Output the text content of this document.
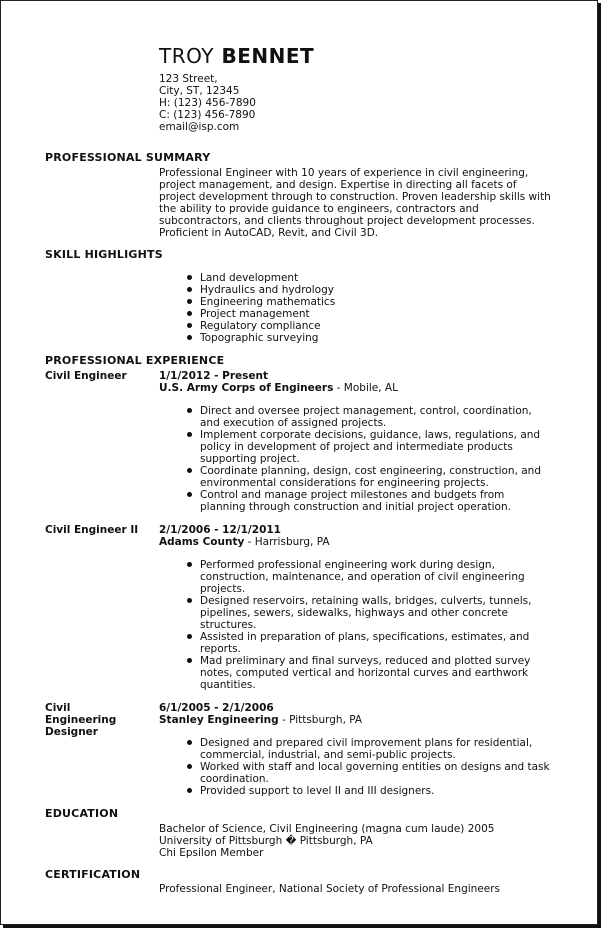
TROY BENNET
123 Street,
City, ST, 12345
H: (123) 456-7890
C: (123) 456-7890
email@isp.com
PROFESSIONAL SUMMARY
Professional Engineer with 10 years of experience in civil engineering,
project management, and design. Expertise in directing all facets of
project development through to construction. Proven leadership skills with
the ability to provide guidance to engineers, contractors and
subcontractors, and clients throughout project development processes.
Proficient in AutoCAD, Revit, and Civil 3D.
SKILL HIGHLIGHTS
Land development
Hydraulics and hydrology
Engineering mathematics
Project management
Regulatory compliance
Topographic surveying
PROFESSIONAL EXPERIENCE
Civil Engineer	1/1/2012 - Present
U.S. Army Corps of Engineers - Mobile, AL
Direct and oversee project management, control, coordination,
and execution of assigned projects.
Implement corporate decisions, guidance, laws, regulations, and
policy in development of project and intermediate products
supporting project.
Coordinate planning, design, cost engineering, construction, and
environmental considerations for engineering projects.
Control and manage project milestones and budgets from
planning through construction and initial project operation.
Civil Engineer II	2/1/2006 - 12/1/2011
Adams County - Harrisburg, PA
Performed professional engineering work during design,
construction, maintenance, and operation of civil engineering
projects.
Designed reservoirs, retaining walls, bridges, culverts, tunnels,
pipelines, sewers, sidewalks, highways and other concrete
structures.
Assisted in preparation of plans, specifications, estimates, and
reports.
Mad preliminary and final surveys, reduced and plotted survey
notes, computed vertical and horizontal curves and earthwork
quantities.
Civil Engineering Designer
6/1/2005 - 2/1/2006
Stanley Engineering - Pittsburgh, PA
Designed and prepared civil improvement plans for residential,
commercial, industrial, and semi-public projects.
Worked with staff and local governing entities on designs and task
coordination.
Provided support to level II and III designers.
EDUCATION
Bachelor of Science, Civil Engineering (magna cum laude) 2005
University of Pittsburgh � Pittsburgh, PA
Chi Epsilon Member
CERTIFICATION
Professional Engineer, National Society of Professional Engineers
